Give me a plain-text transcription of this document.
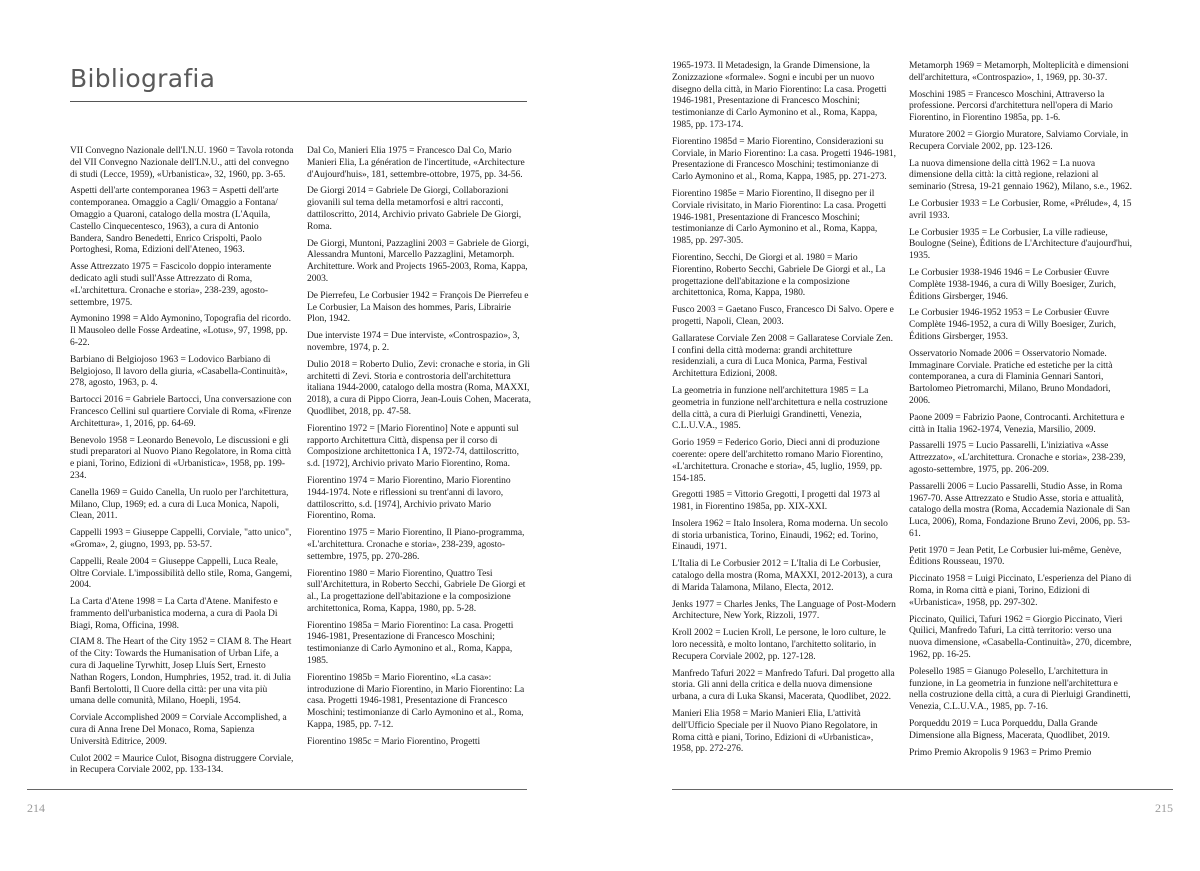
Bibliografia

VII Convegno Nazionale dell'I.N.U. 1960 = Tavola rotonda del VII Convegno Nazionale dell'I.N.U., atti del convegno di studi (Lecce, 1959), «Urbanistica», 32, 1960, pp. 3-65.

Aspetti dell'arte contemporanea 1963 = Aspetti dell'arte contemporanea. Omaggio a Cagli/ Omaggio a Fontana/ Omaggio a Quaroni, catalogo della mostra (L'Aquila, Castello Cinquecentesco, 1963), a cura di Antonio Bandera, Sandro Benedetti, Enrico Crispolti, Paolo Portoghesi, Roma, Edizioni dell'Ateneo, 1963.

Asse Attrezzato 1975 = Fascicolo doppio interamente dedicato agli studi sull'Asse Attrezzato di Roma, «L'architettura. Cronache e storia», 238-239, agosto-settembre, 1975.

Aymonino 1998 = Aldo Aymonino, Topografia del ricordo. Il Mausoleo delle Fosse Ardeatine, «Lotus», 97, 1998, pp. 6-22.

Barbiano di Belgiojoso 1963 = Lodovico Barbiano di Belgiojoso, Il lavoro della giuria, «Casabella-Continuità», 278, agosto, 1963, p. 4.

Bartocci 2016 = Gabriele Bartocci, Una conversazione con Francesco Cellini sul quartiere Corviale di Roma, «Firenze Architettura», 1, 2016, pp. 64-69.

Benevolo 1958 = Leonardo Benevolo, Le discussioni e gli studi preparatori al Nuovo Piano Regolatore, in Roma città e piani, Torino, Edizioni di «Urbanistica», 1958, pp. 199-234.

Canella 1969 = Guido Canella, Un ruolo per l'architettura, Milano, Clup, 1969; ed. a cura di Luca Monica, Napoli, Clean, 2011.

Cappelli 1993 = Giuseppe Cappelli, Corviale, "atto unico", «Groma», 2, giugno, 1993, pp. 53-57.

Cappelli, Reale 2004 = Giuseppe Cappelli, Luca Reale, Oltre Corviale. L'impossibilità dello stile, Roma, Gangemi, 2004.

La Carta d'Atene 1998 = La Carta d'Atene. Manifesto e frammento dell'urbanistica moderna, a cura di Paola Di Biagi, Roma, Officina, 1998.

CIAM 8. The Heart of the City 1952 = CIAM 8. The Heart of the City: Towards the Humanisation of Urban Life, a cura di Jaqueline Tyrwhitt, Josep Lluís Sert, Ernesto Nathan Rogers, London, Humphries, 1952, trad. it. di Julia Banfi Bertolotti, Il Cuore della città: per una vita più umana delle comunità, Milano, Hoepli, 1954.

Corviale Accomplished 2009 = Corviale Accomplished, a cura di Anna Irene Del Monaco, Roma, Sapienza Università Editrice, 2009.

Culot 2002 = Maurice Culot, Bisogna distruggere Corviale, in Recupera Corviale 2002, pp. 133-134.

Dal Co, Manieri Elia 1975 = Francesco Dal Co, Mario Manieri Elia, La génération de l'incertitude, «Architecture d'Aujourd'huis», 181, settembre-ottobre, 1975, pp. 34-56.

De Giorgi 2014 = Gabriele De Giorgi, Collaborazioni giovanili sul tema della metamorfosi e altri racconti, dattiloscritto, 2014, Archivio privato Gabriele De Giorgi, Roma.

De Giorgi, Muntoni, Pazzaglini 2003 = Gabriele de Giorgi, Alessandra Muntoni, Marcello Pazzaglini, Metamorph. Architetture. Work and Projects 1965-2003, Roma, Kappa, 2003.

De Pierrefeu, Le Corbusier 1942 = François De Pierrefeu e Le Corbusier, La Maison des hommes, Paris, Librairie Plon, 1942.

Due interviste 1974 = Due interviste, «Controspazio», 3, novembre, 1974, p. 2.

Dulio 2018 = Roberto Dulio, Zevi: cronache e storia, in Gli architetti di Zevi. Storia e controstoria dell'architettura italiana 1944-2000, catalogo della mostra (Roma, MAXXI, 2018), a cura di Pippo Ciorra, Jean-Louis Cohen, Macerata, Quodlibet, 2018, pp. 47-58.

Fiorentino 1972 = [Mario Fiorentino] Note e appunti sul rapporto Architettura Città, dispensa per il corso di Composizione architettonica I A, 1972-74, dattiloscritto, s.d. [1972], Archivio privato Mario Fiorentino, Roma.

Fiorentino 1974 = Mario Fiorentino, Mario Fiorentino 1944-1974. Note e riflessioni su trent'anni di lavoro, dattiloscritto, s.d. [1974], Archivio privato Mario Fiorentino, Roma.

Fiorentino 1975 = Mario Fiorentino, Il Piano-programma, «L'architettura. Cronache e storia», 238-239, agosto-settembre, 1975, pp. 270-286.

Fiorentino 1980 = Mario Fiorentino, Quattro Tesi sull'Architettura, in Roberto Secchi, Gabriele De Giorgi et al., La progettazione dell'abitazione e la composizione architettonica, Roma, Kappa, 1980, pp. 5-28.

Fiorentino 1985a = Mario Fiorentino: La casa. Progetti 1946-1981, Presentazione di Francesco Moschini; testimonianze di Carlo Aymonino et al., Roma, Kappa, 1985.

Fiorentino 1985b = Mario Fiorentino, «La casa»: introduzione di Mario Fiorentino, in Mario Fiorentino: La casa. Progetti 1946-1981, Presentazione di Francesco Moschini; testimonianze di Carlo Aymonino et al., Roma, Kappa, 1985, pp. 7-12.

Fiorentino 1985c = Mario Fiorentino, Progetti

1965-1973. Il Metadesign, la Grande Dimensione, la Zonizzazione «formale». Sogni e incubi per un nuovo disegno della città, in Mario Fiorentino: La casa. Progetti 1946-1981, Presentazione di Francesco Moschini; testimonianze di Carlo Aymonino et al., Roma, Kappa, 1985, pp. 173-174.

Fiorentino 1985d = Mario Fiorentino, Considerazioni su Corviale, in Mario Fiorentino: La casa. Progetti 1946-1981, Presentazione di Francesco Moschini; testimonianze di Carlo Aymonino et al., Roma, Kappa, 1985, pp. 271-273.

Fiorentino 1985e = Mario Fiorentino, Il disegno per il Corviale rivisitato, in Mario Fiorentino: La casa. Progetti 1946-1981, Presentazione di Francesco Moschini; testimonianze di Carlo Aymonino et al., Roma, Kappa, 1985, pp. 297-305.

Fiorentino, Secchi, De Giorgi et al. 1980 = Mario Fiorentino, Roberto Secchi, Gabriele De Giorgi et al., La progettazione dell'abitazione e la composizione architettonica, Roma, Kappa, 1980.

Fusco 2003 = Gaetano Fusco, Francesco Di Salvo. Opere e progetti, Napoli, Clean, 2003.

Gallaratese Corviale Zen 2008 = Gallaratese Corviale Zen. I confini della città moderna: grandi architetture residenziali, a cura di Luca Monica, Parma, Festival Architettura Edizioni, 2008.

La geometria in funzione nell'architettura 1985 = La geometria in funzione nell'architettura e nella costruzione della città, a cura di Pierluigi Grandinetti, Venezia, C.L.U.V.A., 1985.

Gorio 1959 = Federico Gorio, Dieci anni di produzione coerente: opere dell'architetto romano Mario Fiorentino, «L'architettura. Cronache e storia», 45, luglio, 1959, pp. 154-185.

Gregotti 1985 = Vittorio Gregotti, I progetti dal 1973 al 1981, in Fiorentino 1985a, pp. XIX-XXI.

Insolera 1962 = Italo Insolera, Roma moderna. Un secolo di storia urbanistica, Torino, Einaudi, 1962; ed. Torino, Einaudi, 1971.

L'Italia di Le Corbusier 2012 = L'Italia di Le Corbusier, catalogo della mostra (Roma, MAXXI, 2012-2013), a cura di Marida Talamona, Milano, Electa, 2012.

Jenks 1977 = Charles Jenks, The Language of Post-Modern Architecture, New York, Rizzoli, 1977.

Kroll 2002 = Lucien Kroll, Le persone, le loro culture, le loro necessità, e molto lontano, l'architetto solitario, in Recupera Corviale 2002, pp. 127-128.

Manfredo Tafuri 2022 = Manfredo Tafuri. Dal progetto alla storia. Gli anni della critica e della nuova dimensione urbana, a cura di Luka Skansi, Macerata, Quodlibet, 2022.

Manieri Elia 1958 = Mario Manieri Elia, L'attività dell'Ufficio Speciale per il Nuovo Piano Regolatore, in Roma città e piani, Torino, Edizioni di «Urbanistica», 1958, pp. 272-276.

Metamorph 1969 = Metamorph, Molteplicità e dimensioni dell'architettura, «Controspazio», 1, 1969, pp. 30-37.

Moschini 1985 = Francesco Moschini, Attraverso la professione. Percorsi d'architettura nell'opera di Mario Fiorentino, in Fiorentino 1985a, pp. 1-6.

Muratore 2002 = Giorgio Muratore, Salviamo Corviale, in Recupera Corviale 2002, pp. 123-126.

La nuova dimensione della città 1962 = La nuova dimensione della città: la città regione, relazioni al seminario (Stresa, 19-21 gennaio 1962), Milano, s.e., 1962.

Le Corbusier 1933 = Le Corbusier, Rome, «Prélude», 4, 15 avril 1933.

Le Corbusier 1935 = Le Corbusier, La ville radieuse, Boulogne (Seine), Éditions de L'Architecture d'aujourd'hui, 1935.

Le Corbusier 1938-1946 1946 = Le Corbusier Œuvre Complète 1938-1946, a cura di Willy Boesiger, Zurich, Éditions Girsberger, 1946.

Le Corbusier 1946-1952 1953 = Le Corbusier Œuvre Complète 1946-1952, a cura di Willy Boesiger, Zurich, Éditions Girsberger, 1953.

Osservatorio Nomade 2006 = Osservatorio Nomade. Immaginare Corviale. Pratiche ed estetiche per la città contemporanea, a cura di Flaminia Gennari Santori, Bartolomeo Pietromarchi, Milano, Bruno Mondadori, 2006.

Paone 2009 = Fabrizio Paone, Controcanti. Architettura e città in Italia 1962-1974, Venezia, Marsilio, 2009.

Passarelli 1975 = Lucio Passarelli, L'iniziativa «Asse Attrezzato», «L'architettura. Cronache e storia», 238-239, agosto-settembre, 1975, pp. 206-209.

Passarelli 2006 = Lucio Passarelli, Studio Asse, in Roma 1967-70. Asse Attrezzato e Studio Asse, storia e attualità, catalogo della mostra (Roma, Accademia Nazionale di San Luca, 2006), Roma, Fondazione Bruno Zevi, 2006, pp. 53-61.

Petit 1970 = Jean Petit, Le Corbusier lui-même, Genève, Éditions Rousseau, 1970.

Piccinato 1958 = Luigi Piccinato, L'esperienza del Piano di Roma, in Roma città e piani, Torino, Edizioni di «Urbanistica», 1958, pp. 297-302.

Piccinato, Quilici, Tafuri 1962 = Giorgio Piccinato, Vieri Quilici, Manfredo Tafuri, La città territorio: verso una nuova dimensione, «Casabella-Continuità», 270, dicembre, 1962, pp. 16-25.

Polesello 1985 = Gianugo Polesello, L'architettura in funzione, in La geometria in funzione nell'architettura e nella costruzione della città, a cura di Pierluigi Grandinetti, Venezia, C.L.U.V.A., 1985, pp. 7-16.

Porqueddu 2019 = Luca Porqueddu, Dalla Grande Dimensione alla Bigness, Macerata, Quodlibet, 2019.

Primo Premio Akropolis 9 1963 = Primo Premio

214	215
